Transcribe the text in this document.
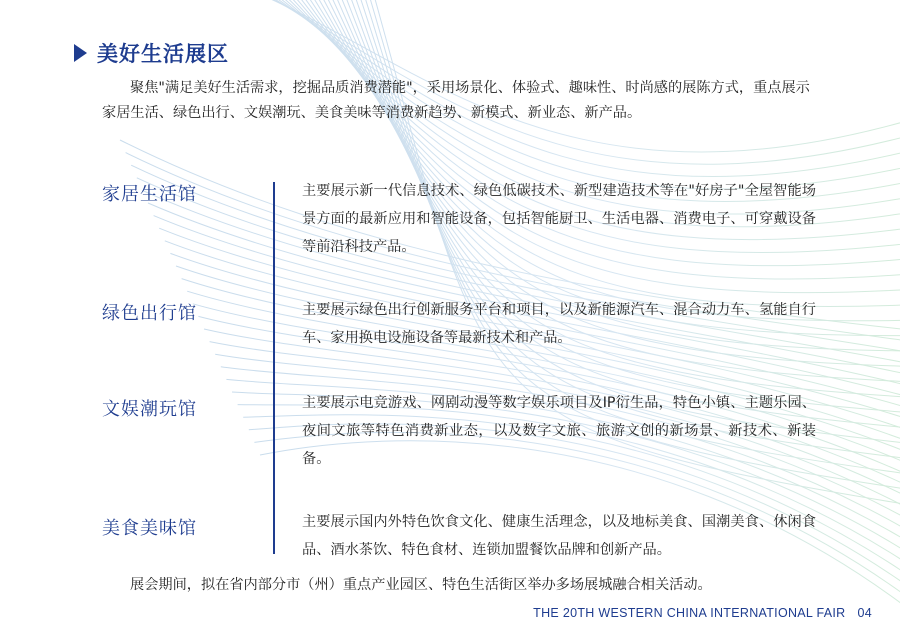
美好生活展区
聚焦"满足美好生活需求，挖掘品质消费潜能"，采用场景化、体验式、趣味性、时尚感的展陈方式，重点展示家居生活、绿色出行、文娱潮玩、美食美味等消费新趋势、新模式、新业态、新产品。
家居生活馆	主要展示新一代信息技术、绿色低碳技术、新型建造技术等在"好房子"全屋智能场景方面的最新应用和智能设备，包括智能厨卫、生活电器、消费电子、可穿戴设备等前沿科技产品。
绿色出行馆	主要展示绿色出行创新服务平台和项目，以及新能源汽车、混合动力车、氢能自行车、家用换电设施设备等最新技术和产品。
文娱潮玩馆	主要展示电竞游戏、网剧动漫等数字娱乐项目及IP衍生品，特色小镇、主题乐园、夜间文旅等特色消费新业态，以及数字文旅、旅游文创的新场景、新技术、新装备。
美食美味馆	主要展示国内外特色饮食文化、健康生活理念，以及地标美食、国潮美食、休闲食品、酒水茶饮、特色食材、连锁加盟餐饮品牌和创新产品。
展会期间，拟在省内部分市（州）重点产业园区、特色生活街区举办多场展城融合相关活动。
THE 20TH WESTERN CHINA INTERNATIONAL FAIR 04
